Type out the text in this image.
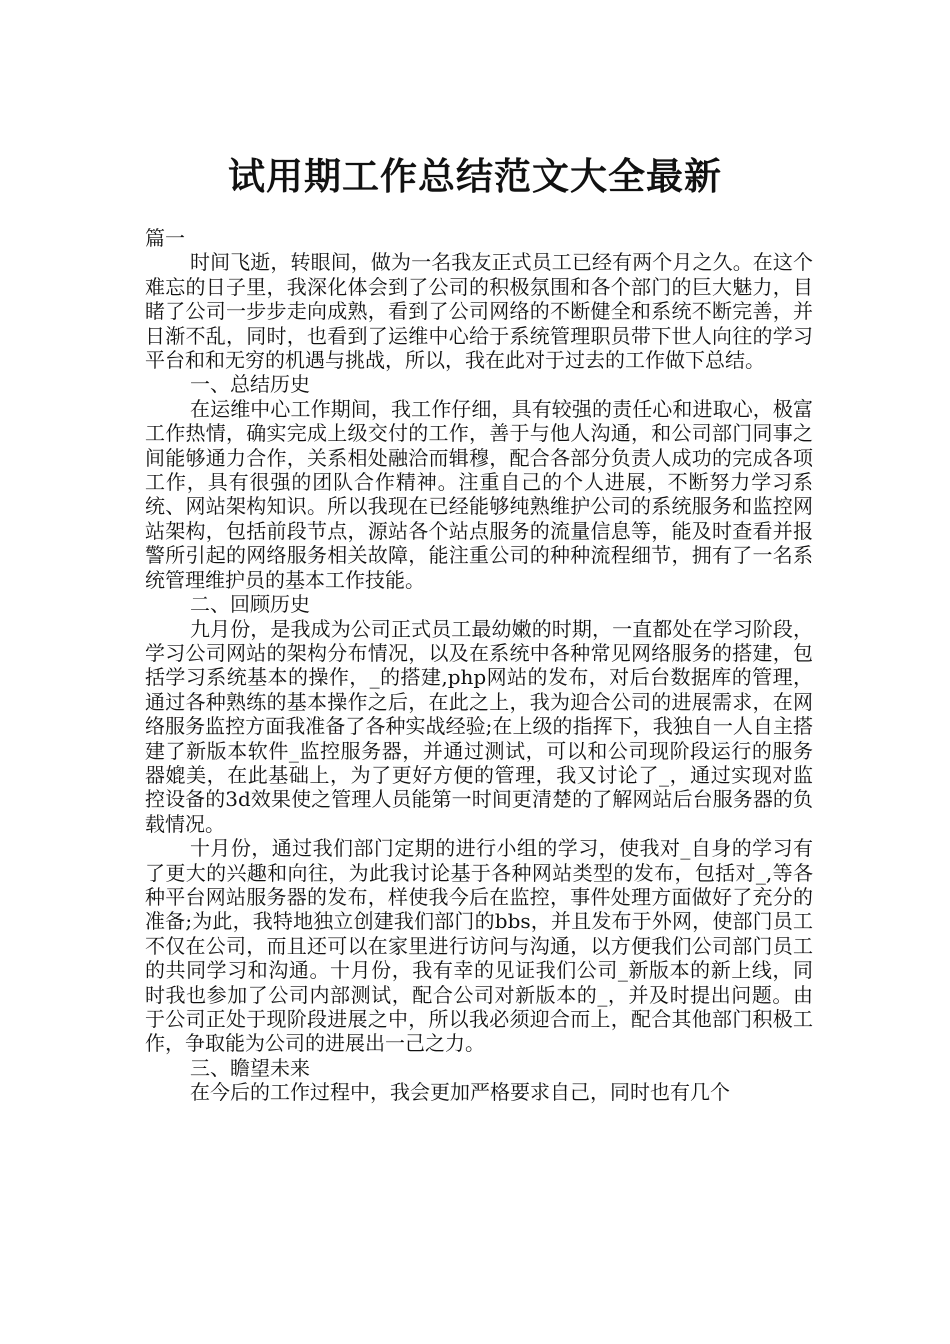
试用期工作总结范文大全最新

篇一

时间飞逝，转眼间，做为一名我友正式员工已经有两个月之久。在这个难忘的日子里，我深化体会到了公司的积极氛围和各个部门的巨大魅力，目睹了公司一步步走向成熟，看到了公司网络的不断健全和系统不断完善，并日渐不乱，同时，也看到了运维中心给于系统管理职员带下世人向往的学习平台和和无穷的机遇与挑战，所以，我在此对于过去的工作做下总结。

一、总结历史

在运维中心工作期间，我工作仔细，具有较强的责任心和进取心，极富工作热情，确实完成上级交付的工作，善于与他人沟通，和公司部门同事之间能够通力合作，关系相处融洽而辑穆，配合各部分负责人成功的完成各项工作，具有很强的团队合作精神。注重自己的个人进展，不断努力学习系统、网站架构知识。所以我现在已经能够纯熟维护公司的系统服务和监控网站架构，包括前段节点，源站各个站点服务的流量信息等，能及时查看并报警所引起的网络服务相关故障，能注重公司的种种流程细节，拥有了一名系统管理维护员的基本工作技能。

二、回顾历史

九月份，是我成为公司正式员工最幼嫩的时期，一直都处在学习阶段，学习公司网站的架构分布情况，以及在系统中各种常见网络服务的搭建，包括学习系统基本的操作，_的搭建,php网站的发布，对后台数据库的管理，通过各种熟练的基本操作之后，在此之上，我为迎合公司的进展需求，在网络服务监控方面我准备了各种实战经验;在上级的指挥下，我独自一人自主搭建了新版本软件_监控服务器，并通过测试，可以和公司现阶段运行的服务器媲美，在此基础上，为了更好方便的管理，我又讨论了_，通过实现对监控设备的3d效果使之管理人员能第一时间更清楚的了解网站后台服务器的负载情况。

十月份，通过我们部门定期的进行小组的学习，使我对_自身的学习有了更大的兴趣和向往，为此我讨论基于各种网站类型的发布，包括对_,等各种平台网站服务器的发布，样使我今后在监控，事件处理方面做好了充分的准备;为此，我特地独立创建我们部门的bbs，并且发布于外网，使部门员工不仅在公司，而且还可以在家里进行访问与沟通，以方便我们公司部门员工的共同学习和沟通。十月份，我有幸的见证我们公司_新版本的新上线，同时我也参加了公司内部测试，配合公司对新版本的_，并及时提出问题。由于公司正处于现阶段进展之中，所以我必须迎合而上，配合其他部门积极工作，争取能为公司的进展出一己之力。

三、瞻望未来

在今后的工作过程中，我会更加严格要求自己，同时也有几个
